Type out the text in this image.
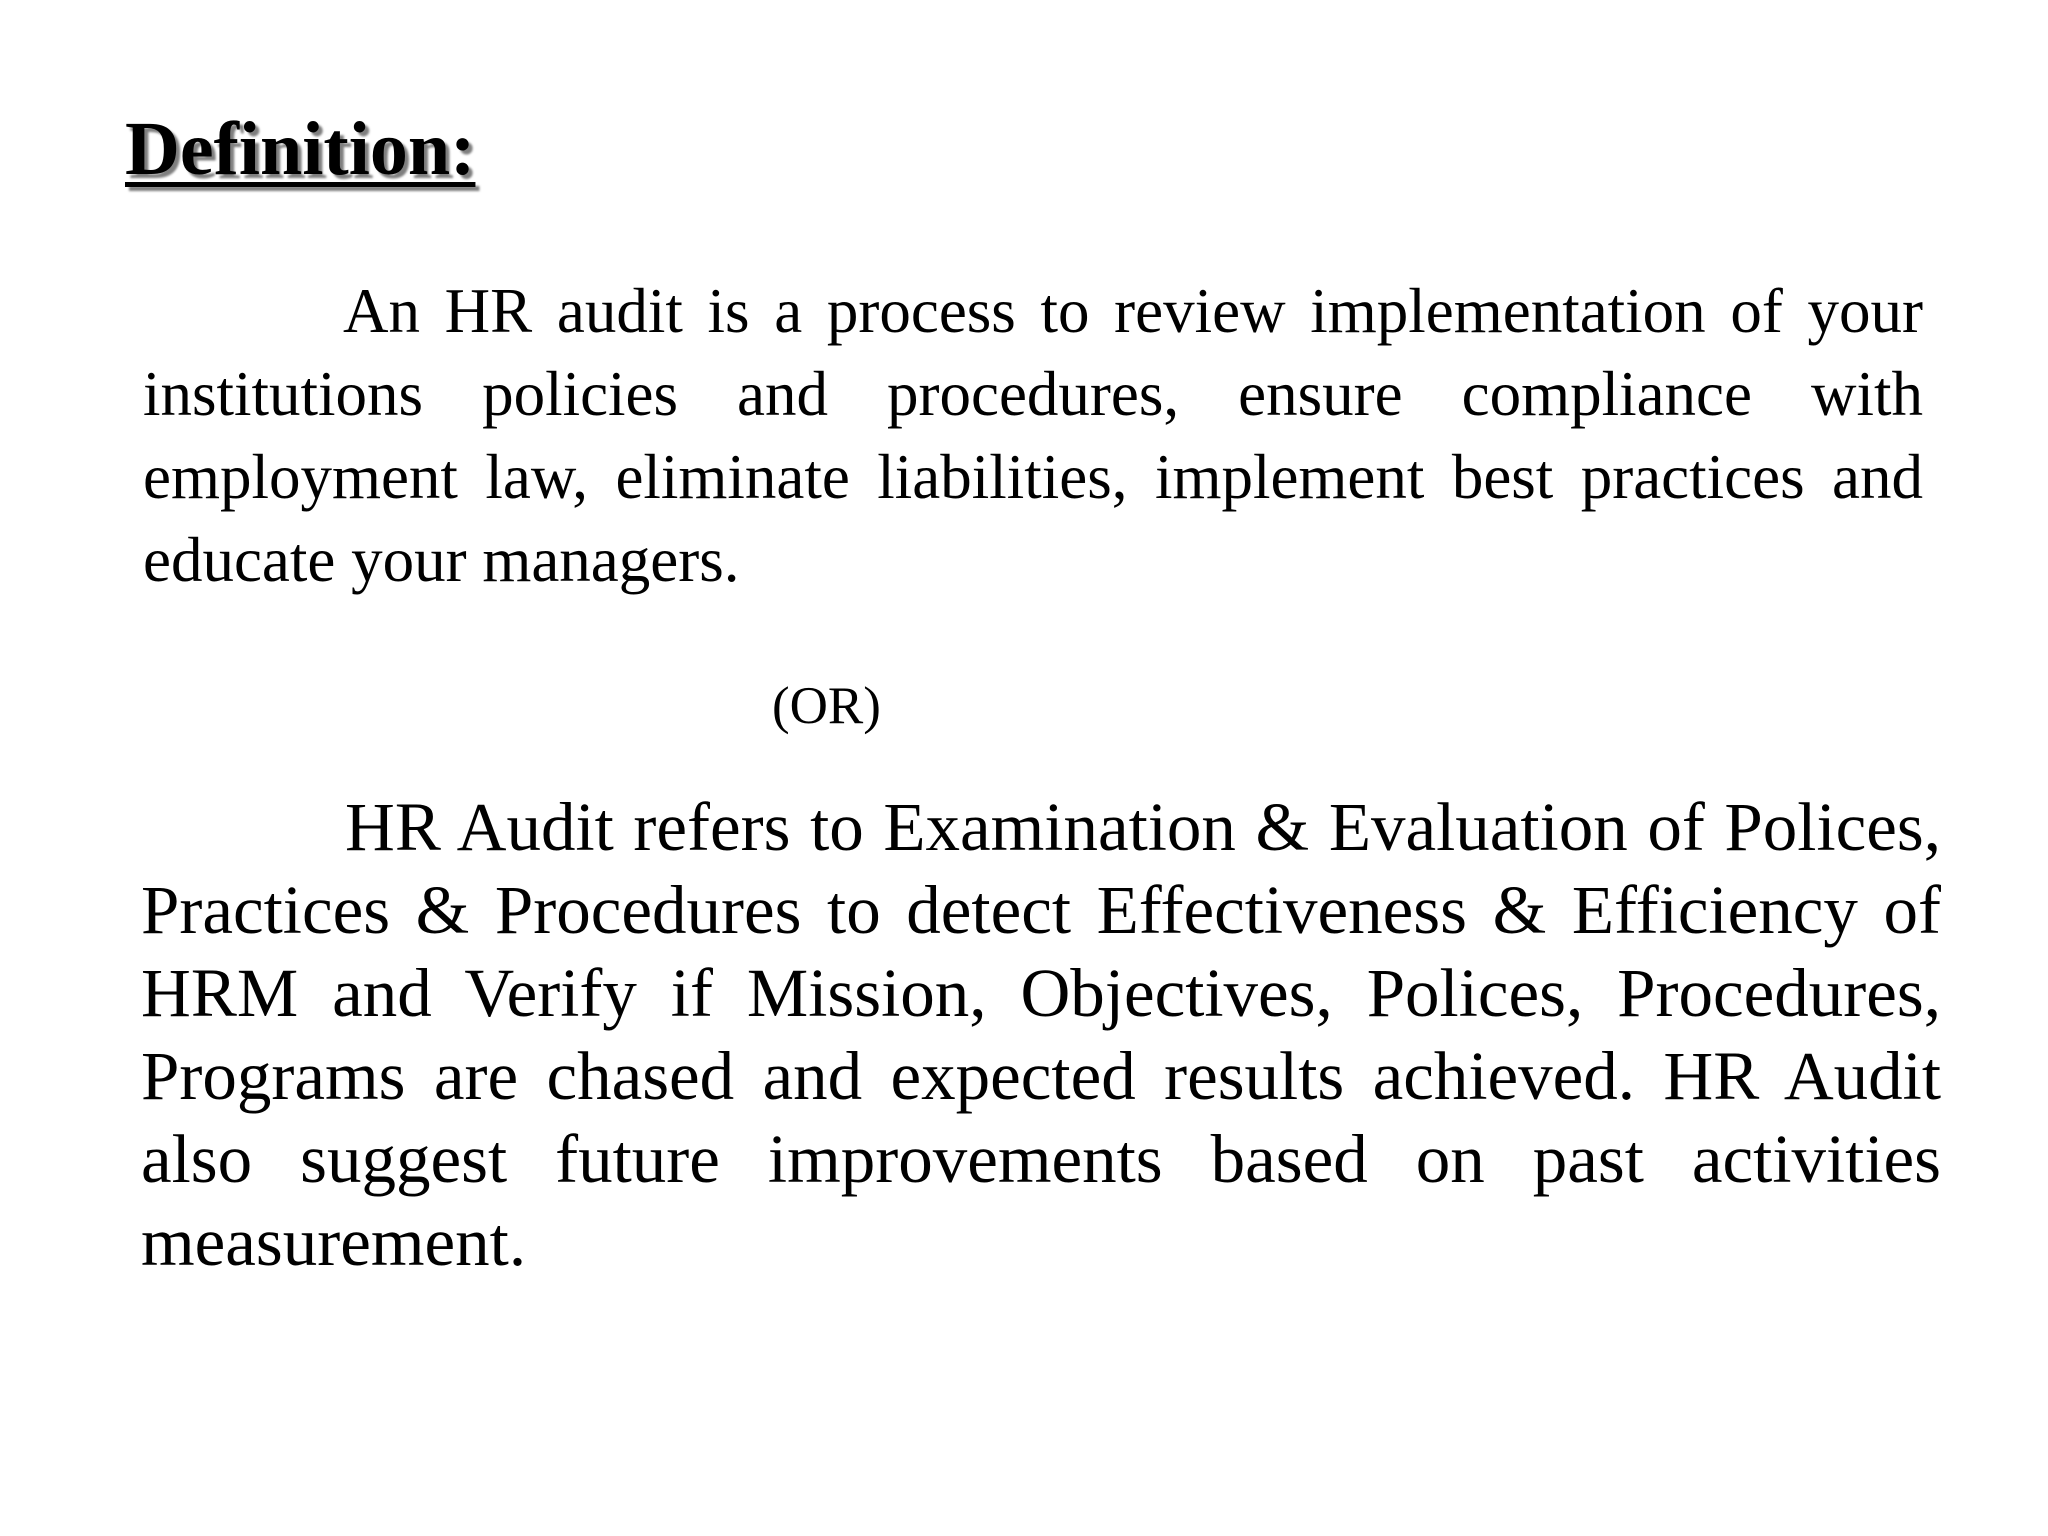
Definition:

An HR audit is a process to review implementation of your institutions policies and procedures, ensure compliance with employment law, eliminate liabilities, implement best practices and educate your managers.

(OR)

HR Audit refers to Examination & Evaluation of Polices, Practices & Procedures to detect Effectiveness & Efficiency of HRM and Verify if Mission, Objectives, Polices, Procedures, Programs are chased and expected results achieved. HR Audit also suggest future improvements based on past activities measurement.
